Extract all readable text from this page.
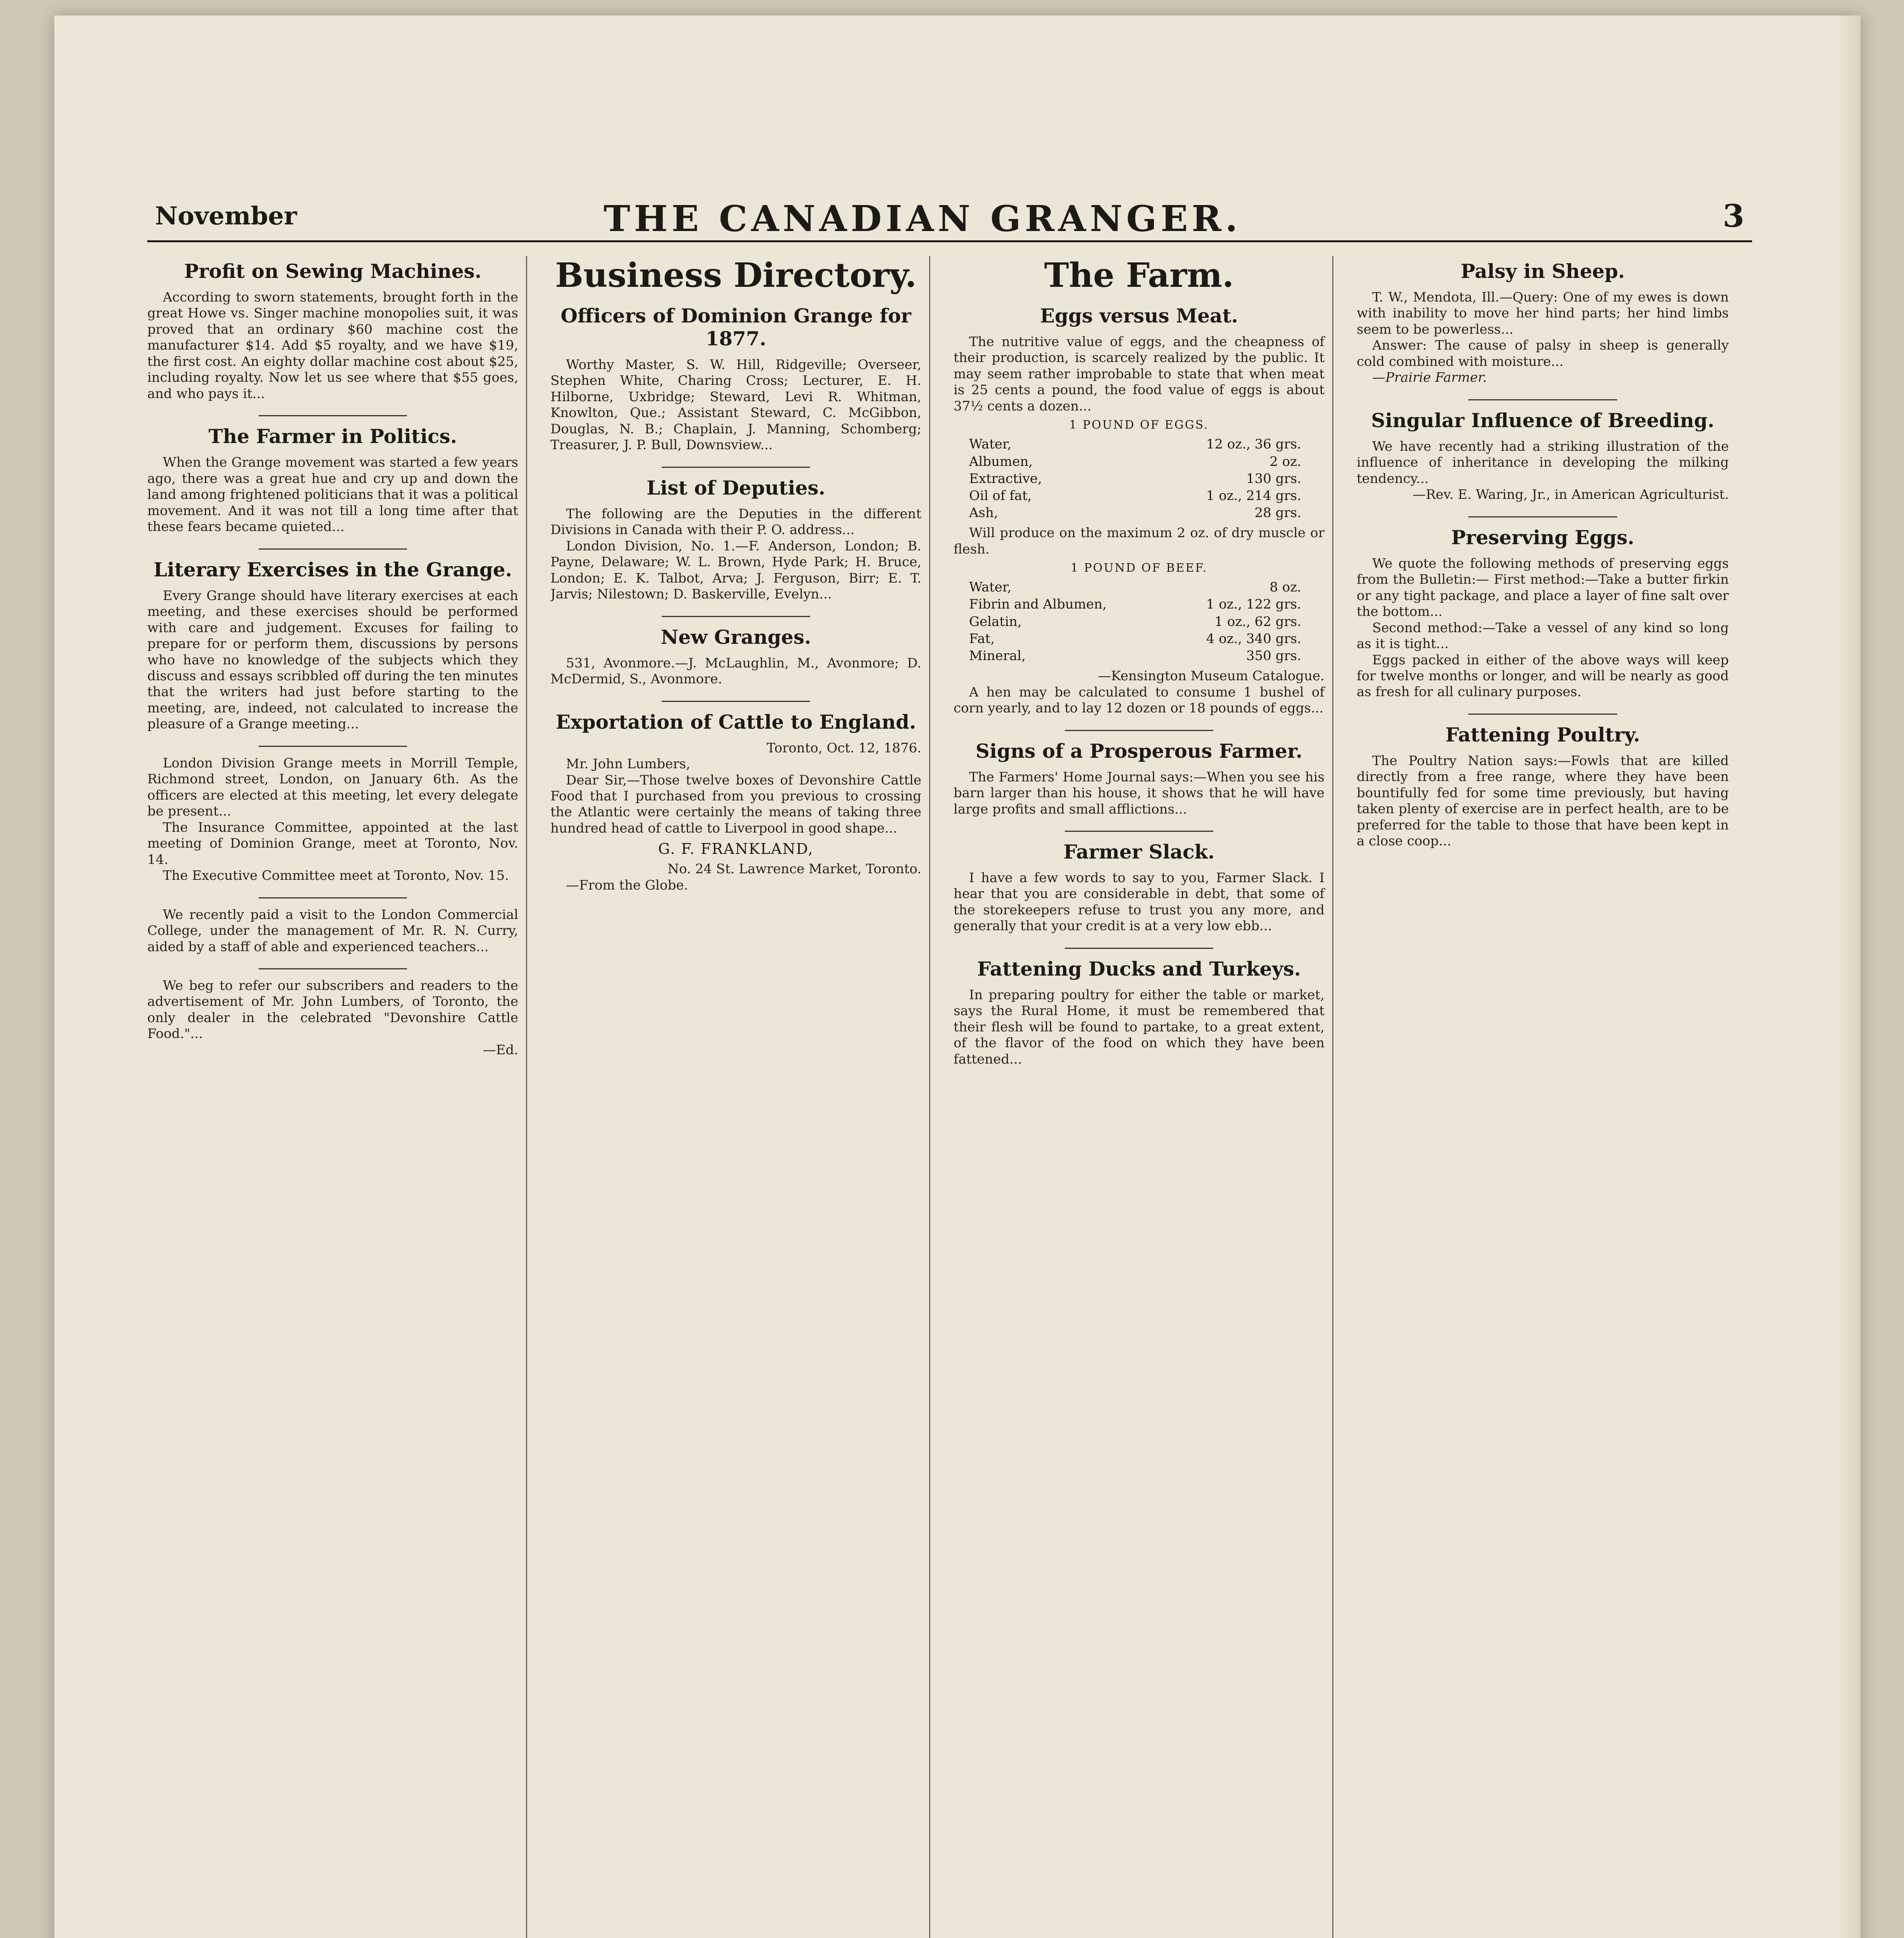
November	THE CANADIAN GRANGER.	3
Profit on Sewing Machines.

According to sworn statements, brought forth in the great Howe vs. Singer machine monopolies suit, it was proved that an ordinary $60 machine cost the manufacturer $14. Add $5 royalty, and we have $19, the first cost. An eighty dollar machine cost about $25, including royalty. Now let us see where that $55 goes, and who pays it...

The Farmer in Politics.

When the Grange movement was started a few years ago, there was a great hue and cry up and down the land among frightened politicians that it was a political movement. And it was not till a long time after that these fears became quieted...

Literary Exercises in the Grange.

Every Grange should have literary exercises at each meeting, and these exercises should be performed with care and judgement. Excuses for failing to prepare for or perform them, discussions by persons who have no knowledge of the subjects which they discuss and essays scribbled off during the ten minutes that the writers had just before starting to the meeting, are, indeed, not calculated to increase the pleasure of a Grange meeting...

London Division Grange meets in Morrill Temple, Richmond street, London, on January 6th. As the officers are elected at this meeting, let every delegate be present...

The Insurance Committee, appointed at the last meeting of Dominion Grange, meet at Toronto, Nov. 14.

The Executive Committee meet at Toronto, Nov. 15.

We recently paid a visit to the London Commercial College, under the management of Mr. R. N. Curry, aided by a staff of able and experienced teachers...

We beg to refer our subscribers and readers to the advertisement of Mr. John Lumbers, of Toronto, the only dealer in the celebrated "Devonshire Cattle Food."...

—Ed.

Business Directory.
Officers of Dominion Grange for 1877.

Worthy Master, S. W. Hill, Ridgeville; Overseer, Stephen White, Charing Cross; Lecturer, E. H. Hilborne, Uxbridge; Steward, Levi R. Whitman, Knowlton, Que.; Assistant Steward, C. McGibbon, Douglas, N. B.; Chaplain, J. Manning, Schomberg; Treasurer, J. P. Bull, Downsview...

List of Deputies.

The following are the Deputies in the different Divisions in Canada with their P. O. address...

London Division, No. 1.—F. Anderson, London; B. Payne, Delaware; W. L. Brown, Hyde Park; H. Bruce, London; E. K. Talbot, Arva; J. Ferguson, Birr; E. T. Jarvis; Nilestown; D. Baskerville, Evelyn...

New Granges.

531, Avonmore.—J. McLaughlin, M., Avonmore; D. McDermid, S., Avonmore.

Exportation of Cattle to England.

Toronto, Oct. 12, 1876.

Mr. John Lumbers,

Dear Sir,—Those twelve boxes of Devonshire Cattle Food that I purchased from you previous to crossing the Atlantic were certainly the means of taking three hundred head of cattle to Liverpool in good shape...

G. F. FRANKLAND,

No. 24 St. Lawrence Market, Toronto.

—From the Globe.

The Farm.
Eggs versus Meat.

The nutritive value of eggs, and the cheapness of their production, is scarcely realized by the public. It may seem rather improbable to state that when meat is 25 cents a pound, the food value of eggs is about 37½ cents a dozen...

1 POUND OF EGGS.
Water,	12 oz., 36 grs.
Albumen,	2 oz.
Extractive,	130 grs.
Oil of fat,	1 oz., 214 grs.
Ash,	28 grs.

Will produce on the maximum 2 oz. of dry muscle or flesh.

1 POUND OF BEEF.
Water,	8 oz.
Fibrin and Albumen,	1 oz., 122 grs.
Gelatin,	1 oz., 62 grs.
Fat,	4 oz., 340 grs.
Mineral,	350 grs.

—Kensington Museum Catalogue.

A hen may be calculated to consume 1 bushel of corn yearly, and to lay 12 dozen or 18 pounds of eggs...

Signs of a Prosperous Farmer.

The Farmers' Home Journal says:—When you see his barn larger than his house, it shows that he will have large profits and small afflictions...

Farmer Slack.

I have a few words to say to you, Farmer Slack. I hear that you are considerable in debt, that some of the storekeepers refuse to trust you any more, and generally that your credit is at a very low ebb...

Fattening Ducks and Turkeys.

In preparing poultry for either the table or market, says the Rural Home, it must be remembered that their flesh will be found to partake, to a great extent, of the flavor of the food on which they have been fattened...

Palsy in Sheep.

T. W., Mendota, Ill.—Query: One of my ewes is down with inability to move her hind parts; her hind limbs seem to be powerless...

Answer: The cause of palsy in sheep is generally cold combined with moisture...

—Prairie Farmer.

Singular Influence of Breeding.

We have recently had a striking illustration of the influence of inheritance in developing the milking tendency...

—Rev. E. Waring, Jr., in American Agriculturist.

Preserving Eggs.

We quote the following methods of preserving eggs from the Bulletin:— First method:—Take a butter firkin or any tight package, and place a layer of fine salt over the bottom...

Second method:—Take a vessel of any kind so long as it is tight...

Eggs packed in either of the above ways will keep for twelve months or longer, and will be nearly as good as fresh for all culinary purposes.

Fattening Poultry.

The Poultry Nation says:—Fowls that are killed directly from a free range, where they have been bountifully fed for some time previously, but having taken plenty of exercise are in perfect health, are to be preferred for the table to those that have been kept in a close coop...
